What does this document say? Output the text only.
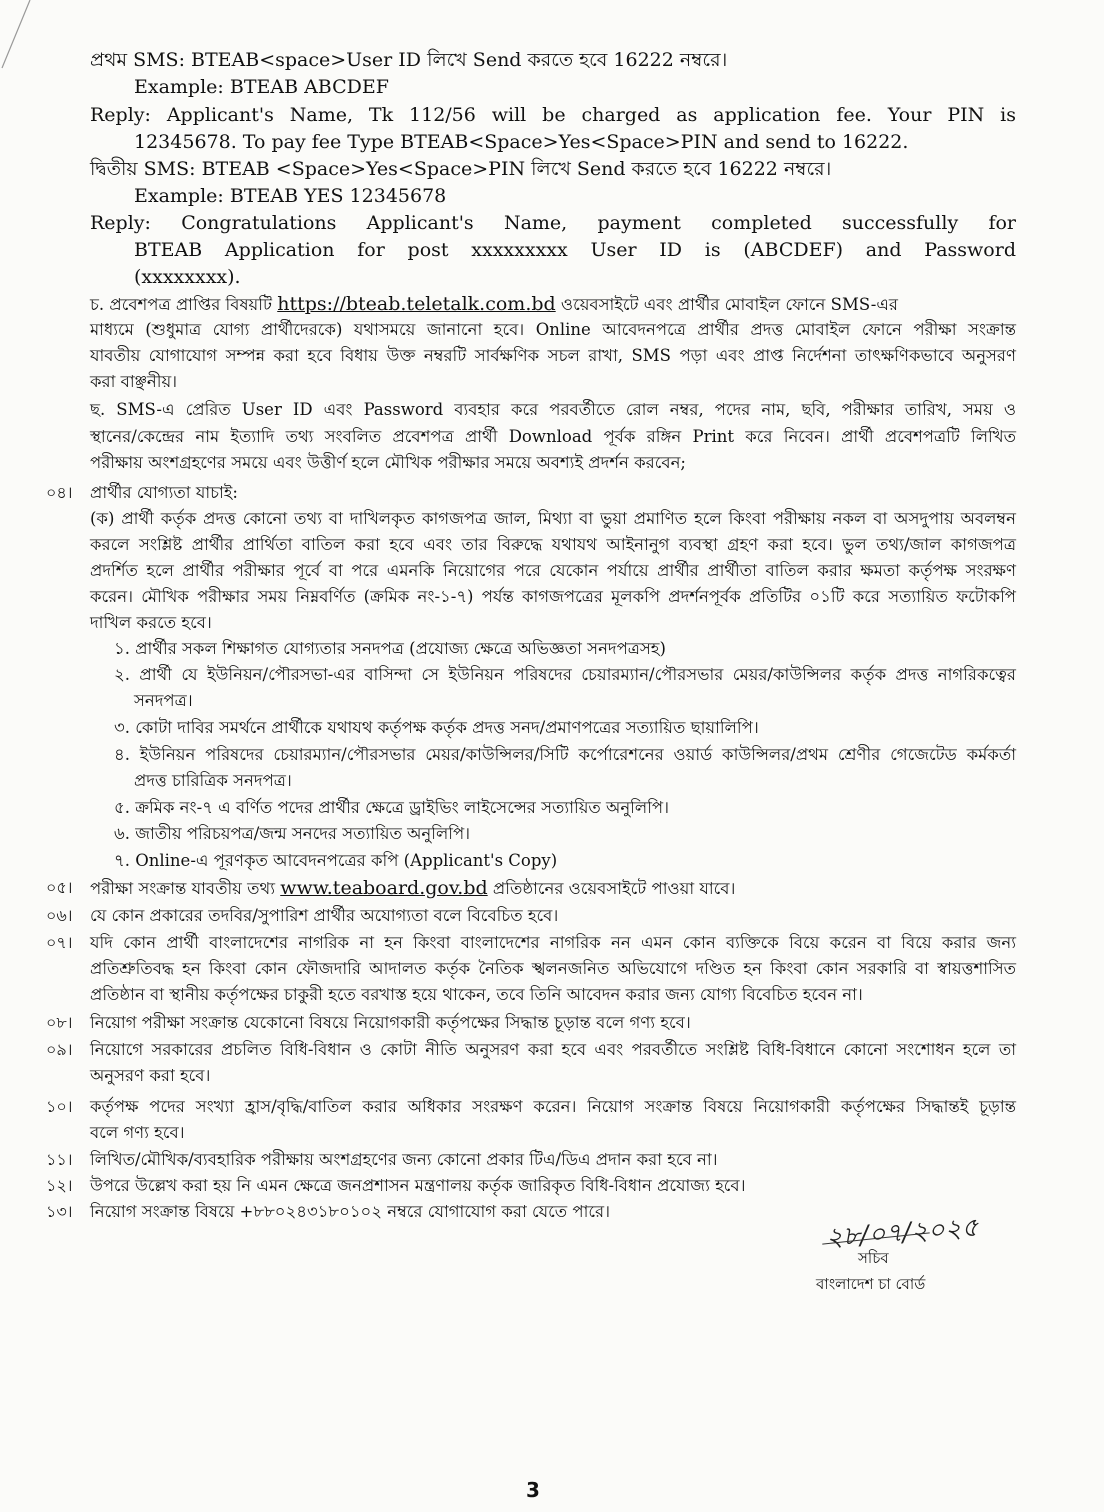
প্রথম SMS: BTEAB<space>User ID লিখে Send করতে হবে 16222 নম্বরে।
Example: BTEAB ABCDEF
Reply: Applicant's Name, Tk 112/56 will be charged as application fee. Your PIN is
12345678. To pay fee Type BTEAB<Space>Yes<Space>PIN and send to 16222.
দ্বিতীয় SMS: BTEAB <Space>Yes<Space>PIN লিখে Send করতে হবে 16222 নম্বরে।
Example: BTEAB YES 12345678
Reply: Congratulations Applicant's Name, payment completed successfully for
BTEAB Application for post xxxxxxxxx User ID is (ABCDEF) and Password
(xxxxxxxx).
চ. প্রবেশপত্র প্রাপ্তির বিষয়টি https://bteab.teletalk.com.bd ওয়েবসাইটে এবং প্রার্থীর মোবাইল ফোনে SMS-এর
মাধ্যমে (শুধুমাত্র যোগ্য প্রার্থীদেরকে) যথাসময়ে জানানো হবে। Online আবেদনপত্রে প্রার্থীর প্রদত্ত মোবাইল ফোনে পরীক্ষা সংক্রান্ত
যাবতীয় যোগাযোগ সম্পন্ন করা হবে বিধায় উক্ত নম্বরটি সার্বক্ষণিক সচল রাখা, SMS পড়া এবং প্রাপ্ত নির্দেশনা তাৎক্ষণিকভাবে অনুসরণ
করা বাঞ্ছনীয়।
ছ. SMS-এ প্রেরিত User ID এবং Password ব্যবহার করে পরবর্তীতে রোল নম্বর, পদের নাম, ছবি, পরীক্ষার তারিখ, সময় ও
স্থানের/কেন্দ্রের নাম ইত্যাদি তথ্য সংবলিত প্রবেশপত্র প্রার্থী Download পূর্বক রঙ্গিন Print করে নিবেন। প্রার্থী প্রবেশপত্রটি লিখিত
পরীক্ষায় অংশগ্রহণের সময়ে এবং উত্তীর্ণ হলে মৌখিক পরীক্ষার সময়ে অবশ্যই প্রদর্শন করবেন;
০৪। প্রার্থীর যোগ্যতা যাচাই:
(ক) প্রার্থী কর্তৃক প্রদত্ত কোনো তথ্য বা দাখিলকৃত কাগজপত্র জাল, মিথ্যা বা ভুয়া প্রমাণিত হলে কিংবা পরীক্ষায় নকল বা অসদুপায় অবলম্বন
করলে সংশ্লিষ্ট প্রার্থীর প্রার্থিতা বাতিল করা হবে এবং তার বিরুদ্ধে যথাযথ আইনানুগ ব্যবস্থা গ্রহণ করা হবে। ভুল তথ্য/জাল কাগজপত্র
প্রদর্শিত হলে প্রার্থীর পরীক্ষার পূর্বে বা পরে এমনকি নিয়োগের পরে যেকোন পর্যায়ে প্রার্থীর প্রার্থীতা বাতিল করার ক্ষমতা কর্তৃপক্ষ সংরক্ষণ
করেন। মৌখিক পরীক্ষার সময় নিম্নবর্ণিত (ক্রমিক নং-১-৭) পর্যন্ত কাগজপত্রের মূলকপি প্রদর্শনপূর্বক প্রতিটির ০১টি করে সত্যায়িত ফটোকপি
দাখিল করতে হবে।
১. প্রার্থীর সকল শিক্ষাগত যোগ্যতার সনদপত্র (প্রযোজ্য ক্ষেত্রে অভিজ্ঞতা সনদপত্রসহ)
২. প্রার্থী যে ইউনিয়ন/পৌরসভা-এর বাসিন্দা সে ইউনিয়ন পরিষদের চেয়ারম্যান/পৌরসভার মেয়র/কাউন্সিলর কর্তৃক প্রদত্ত নাগরিকত্বের
সনদপত্র।
৩. কোটা দাবির সমর্থনে প্রার্থীকে যথাযথ কর্তৃপক্ষ কর্তৃক প্রদত্ত সনদ/প্রমাণপত্রের সত্যায়িত ছায়ালিপি।
৪. ইউনিয়ন পরিষদের চেয়ারম্যান/পৌরসভার মেয়র/কাউন্সিলর/সিটি কর্পোরেশনের ওয়ার্ড কাউন্সিলর/প্রথম শ্রেণীর গেজেটেড কর্মকর্তা
প্রদত্ত চারিত্রিক সনদপত্র।
৫. ক্রমিক নং-৭ এ বর্ণিত পদের প্রার্থীর ক্ষেত্রে ড্রাইভিং লাইসেন্সের সত্যায়িত অনুলিপি।
৬. জাতীয় পরিচয়পত্র/জন্ম সনদের সত্যায়িত অনুলিপি।
৭. Online-এ পূরণকৃত আবেদনপত্রের কপি (Applicant's Copy)
০৫। পরীক্ষা সংক্রান্ত যাবতীয় তথ্য www.teaboard.gov.bd প্রতিষ্ঠানের ওয়েবসাইটে পাওয়া যাবে।
০৬। যে কোন প্রকারের তদবির/সুপারিশ প্রার্থীর অযোগ্যতা বলে বিবেচিত হবে।
০৭। যদি কোন প্রার্থী বাংলাদেশের নাগরিক না হন কিংবা বাংলাদেশের নাগরিক নন এমন কোন ব্যক্তিকে বিয়ে করেন বা বিয়ে করার জন্য
প্রতিশ্রুতিবদ্ধ হন কিংবা কোন ফৌজদারি আদালত কর্তৃক নৈতিক স্খলনজনিত অভিযোগে দণ্ডিত হন কিংবা কোন সরকারি বা স্বায়ত্তশাসিত
প্রতিষ্ঠান বা স্থানীয় কর্তৃপক্ষের চাকুরী হতে বরখাস্ত হয়ে থাকেন, তবে তিনি আবেদন করার জন্য যোগ্য বিবেচিত হবেন না।
০৮। নিয়োগ পরীক্ষা সংক্রান্ত যেকোনো বিষয়ে নিয়োগকারী কর্তৃপক্ষের সিদ্ধান্ত চূড়ান্ত বলে গণ্য হবে।
০৯। নিয়োগে সরকারের প্রচলিত বিধি-বিধান ও কোটা নীতি অনুসরণ করা হবে এবং পরবর্তীতে সংশ্লিষ্ট বিধি-বিধানে কোনো সংশোধন হলে তা
অনুসরণ করা হবে।
১০। কর্তৃপক্ষ পদের সংখ্যা হ্রাস/বৃদ্ধি/বাতিল করার অধিকার সংরক্ষণ করেন। নিয়োগ সংক্রান্ত বিষয়ে নিয়োগকারী কর্তৃপক্ষের সিদ্ধান্তই চূড়ান্ত
বলে গণ্য হবে।
১১। লিখিত/মৌখিক/ব্যবহারিক পরীক্ষায় অংশগ্রহণের জন্য কোনো প্রকার টিএ/ডিএ প্রদান করা হবে না।
১২। উপরে উল্লেখ করা হয় নি এমন ক্ষেত্রে জনপ্রশাসন মন্ত্রণালয় কর্তৃক জারিকৃত বিধি-বিধান প্রযোজ্য হবে।
১৩। নিয়োগ সংক্রান্ত বিষয়ে +৮৮০২৪৩১৮০১০২ নম্বরে যোগাযোগ করা যেতে পারে।
২৮/০৭/২০২৫
সচিব
বাংলাদেশ চা বোর্ড
3
